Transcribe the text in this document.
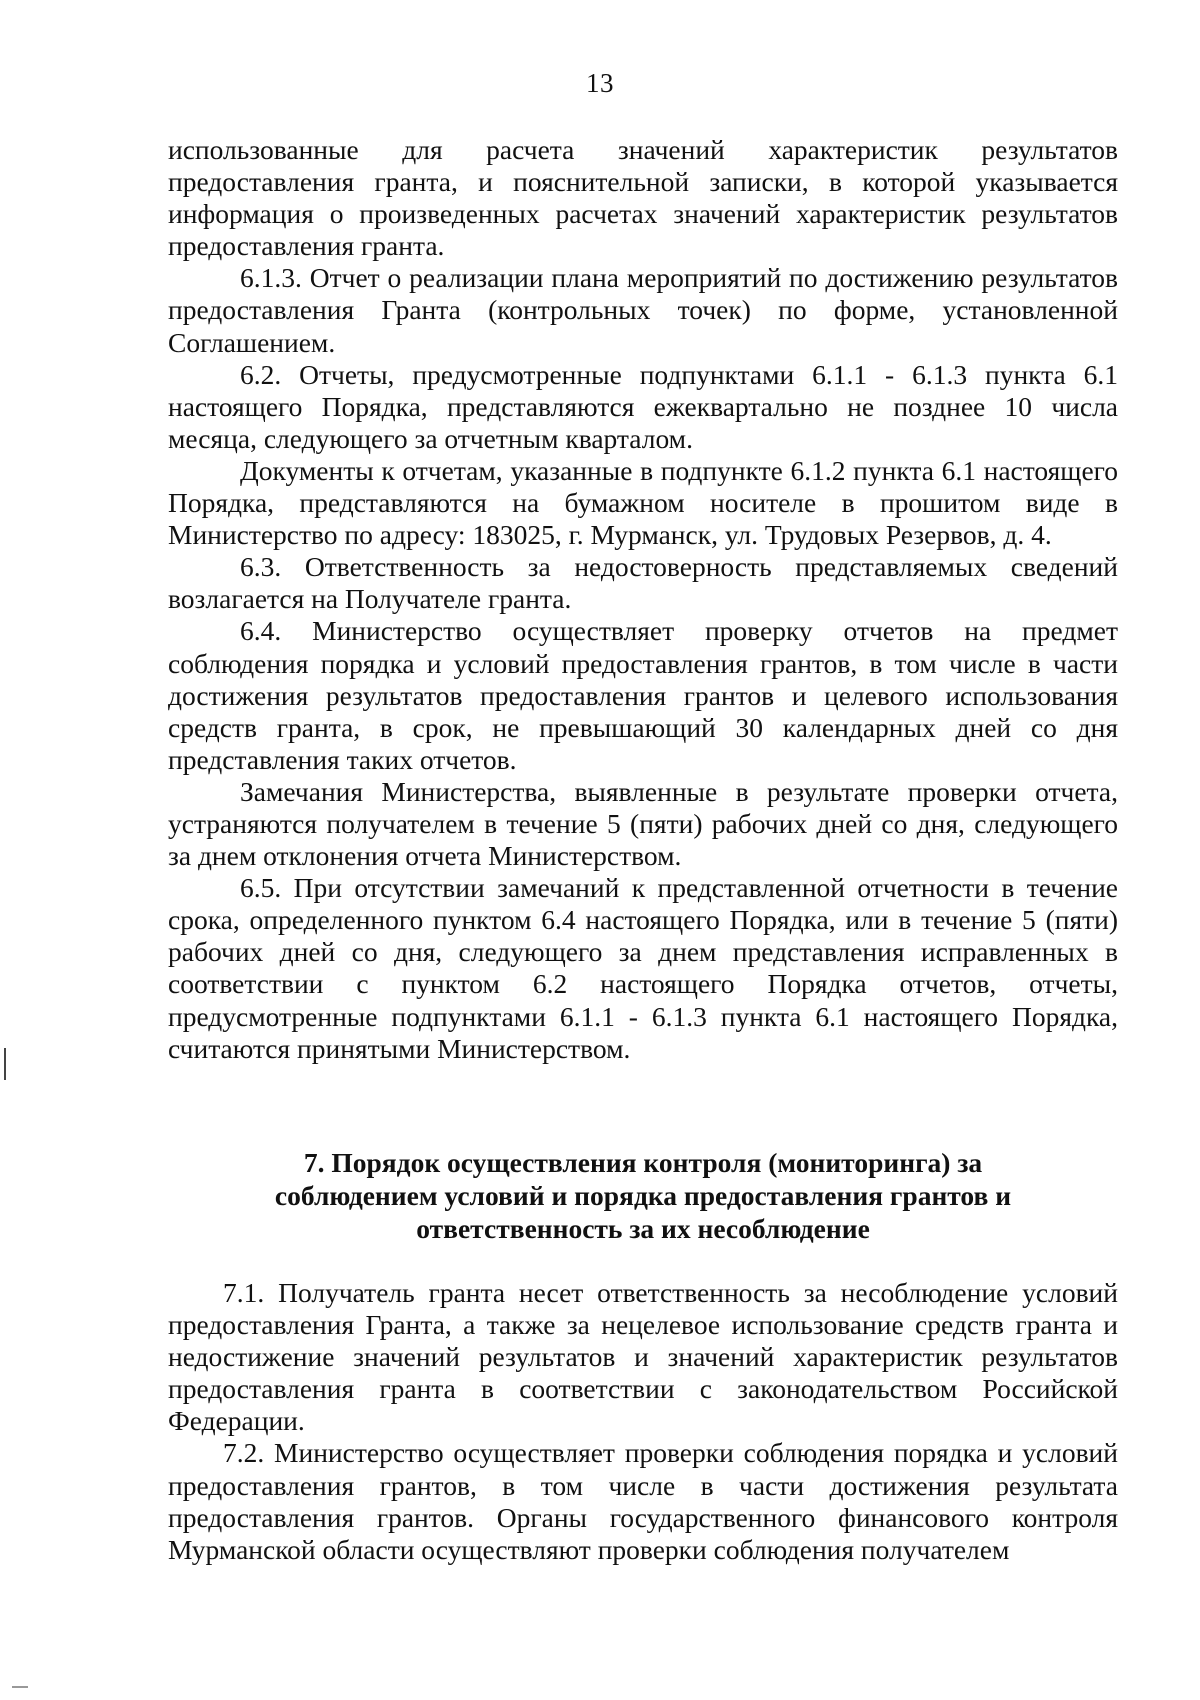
13

использованные для расчета значений характеристик результатов предоставления гранта, и пояснительной записки, в которой указывается информация о произведенных расчетах значений характеристик результатов предоставления гранта.

6.1.3. Отчет о реализации плана мероприятий по достижению результатов предоставления Гранта (контрольных точек) по форме, установленной Соглашением.

6.2. Отчеты, предусмотренные подпунктами 6.1.1 - 6.1.3 пункта 6.1 настоящего Порядка, представляются ежеквартально не позднее 10 числа месяца, следующего за отчетным кварталом.

Документы к отчетам, указанные в подпункте 6.1.2 пункта 6.1 настоящего Порядка, представляются на бумажном носителе в прошитом виде в Министерство по адресу: 183025, г. Мурманск, ул. Трудовых Резервов, д. 4.

6.3. Ответственность за недостоверность представляемых сведений возлагается на Получателе гранта.

6.4. Министерство осуществляет проверку отчетов на предмет соблюдения порядка и условий предоставления грантов, в том числе в части достижения результатов предоставления грантов и целевого использования средств гранта, в срок, не превышающий 30 календарных дней со дня представления таких отчетов.

Замечания Министерства, выявленные в результате проверки отчета, устраняются получателем в течение 5 (пяти) рабочих дней со дня, следующего за днем отклонения отчета Министерством.

6.5. При отсутствии замечаний к представленной отчетности в течение срока, определенного пунктом 6.4 настоящего Порядка, или в течение 5 (пяти) рабочих дней со дня, следующего за днем представления исправленных в соответствии с пунктом 6.2 настоящего Порядка отчетов, отчеты, предусмотренные подпунктами 6.1.1 - 6.1.3 пункта 6.1 настоящего Порядка, считаются принятыми Министерством.

7. Порядок осуществления контроля (мониторинга) за
соблюдением условий и порядка предоставления грантов и
ответственность за их несоблюдение

7.1. Получатель гранта несет ответственность за несоблюдение условий предоставления Гранта, а также за нецелевое использование средств гранта и недостижение значений результатов и значений характеристик результатов предоставления гранта в соответствии с законодательством Российской Федерации.

7.2. Министерство осуществляет проверки соблюдения порядка и условий предоставления грантов, в том числе в части достижения результата предоставления грантов. Органы государственного финансового контроля Мурманской области осуществляют проверки соблюдения получателем
